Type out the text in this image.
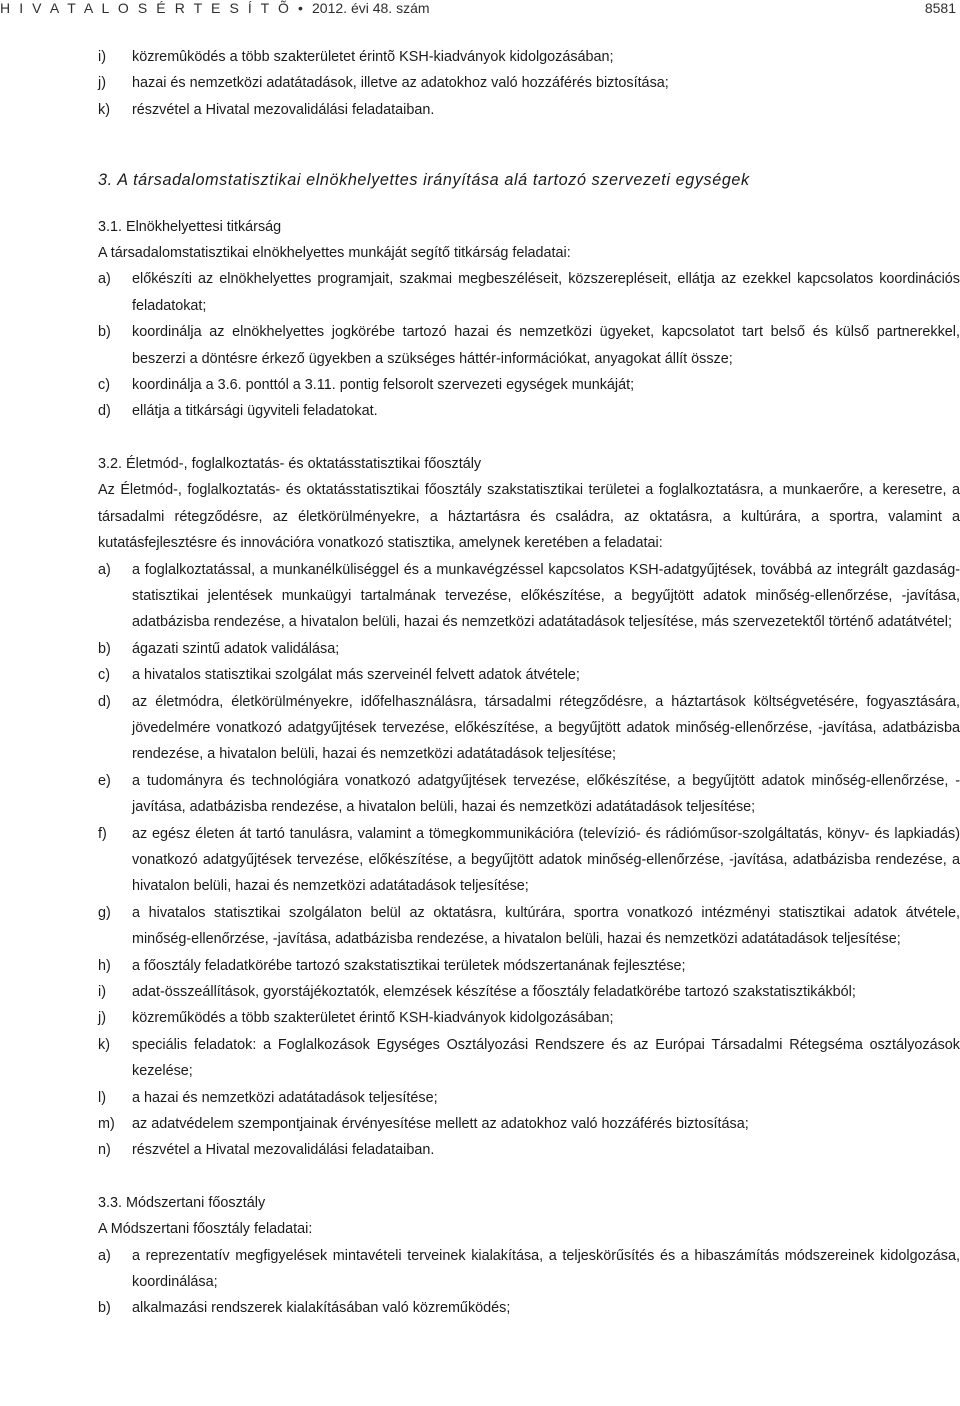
H I V A T A L O S É R T E S Í T Õ • 2012. évi 48. szám	8581
i) közremûködés a több szakterületet érintõ KSH-kiadványok kidolgozásában;
j) hazai és nemzetközi adatátadások, illetve az adatokhoz való hozzáférés biztosítása;
k) részvétel a Hivatal mezovalidálási feladataiban.
3. A társadalomstatisztikai elnökhelyettes irányítása alá tartozó szervezeti egységek
3.1. Elnökhelyettesi titkárság
A társadalomstatisztikai elnökhelyettes munkáját segítő titkárság feladatai:
a) előkészíti az elnökhelyettes programjait, szakmai megbeszéléseit, közszerepléseit, ellátja az ezekkel kapcsolatos koordinációs feladatokat;
b) koordinálja az elnökhelyettes jogkörébe tartozó hazai és nemzetközi ügyeket, kapcsolatot tart belső és külső partnerekkel, beszerzi a döntésre érkező ügyekben a szükséges háttér-információkat, anyagokat állít össze;
c) koordinálja a 3.6. ponttól a 3.11. pontig felsorolt szervezeti egységek munkáját;
d) ellátja a titkársági ügyviteli feladatokat.
3.2. Életmód-, foglalkoztatás- és oktatásstatisztikai főosztály
Az Életmód-, foglalkoztatás- és oktatásstatisztikai főosztály szakstatisztikai területei a foglalkoztatásra, a munkaerőre, a keresetre, a társadalmi rétegződésre, az életkörülményekre, a háztartásra és családra, az oktatásra, a kultúrára, a sportra, valamint a kutatásfejlesztésre és innovációra vonatkozó statisztika, amelynek keretében a feladatai:
a) a foglalkoztatással, a munkanélküliséggel és a munkavégzéssel kapcsolatos KSH-adatgyűjtések, továbbá az integrált gazdaság-statisztikai jelentések munkaügyi tartalmának tervezése, előkészítése, a begyűjtött adatok minőség-ellenőrzése, -javítása, adatbázisba rendezése, a hivatalon belüli, hazai és nemzetközi adatátadások teljesítése, más szervezetektől történő adatátvétel;
b) ágazati szintű adatok validálása;
c) a hivatalos statisztikai szolgálat más szerveinél felvett adatok átvétele;
d) az életmódra, életkörülményekre, időfelhasználásra, társadalmi rétegződésre, a háztartások költségvetésére, fogyasztására, jövedelmére vonatkozó adatgyűjtések tervezése, előkészítése, a begyűjtött adatok minőség-ellenőrzése, -javítása, adatbázisba rendezése, a hivatalon belüli, hazai és nemzetközi adatátadások teljesítése;
e) a tudományra és technológiára vonatkozó adatgyűjtések tervezése, előkészítése, a begyűjtött adatok minőség-ellenőrzése, -javítása, adatbázisba rendezése, a hivatalon belüli, hazai és nemzetközi adatátadások teljesítése;
f) az egész életen át tartó tanulásra, valamint a tömegkommunikációra (televízió- és rádióműsor-szolgáltatás, könyv- és lapkiadás) vonatkozó adatgyűjtések tervezése, előkészítése, a begyűjtött adatok minőség-ellenőrzése, -javítása, adatbázisba rendezése, a hivatalon belüli, hazai és nemzetközi adatátadások teljesítése;
g) a hivatalos statisztikai szolgálaton belül az oktatásra, kultúrára, sportra vonatkozó intézményi statisztikai adatok átvétele, minőség-ellenőrzése, -javítása, adatbázisba rendezése, a hivatalon belüli, hazai és nemzetközi adatátadások teljesítése;
h) a főosztály feladatkörébe tartozó szakstatisztikai területek módszertanának fejlesztése;
i) adat-összeállítások, gyorstájékoztatók, elemzések készítése a főosztály feladatkörébe tartozó szakstatisztikákból;
j) közreműködés a több szakterületet érintő KSH-kiadványok kidolgozásában;
k) speciális feladatok: a Foglalkozások Egységes Osztályozási Rendszere és az Európai Társadalmi Rétegséma osztályozások kezelése;
l) a hazai és nemzetközi adatátadások teljesítése;
m) az adatvédelem szempontjainak érvényesítése mellett az adatokhoz való hozzáférés biztosítása;
n) részvétel a Hivatal mezovalidálási feladataiban.
3.3. Módszertani főosztály
A Módszertani főosztály feladatai:
a) a reprezentatív megfigyelések mintavételi terveinek kialakítása, a teljeskörűsítés és a hibaszámítás módszereinek kidolgozása, koordinálása;
b) alkalmazási rendszerek kialakításában való közreműködés;
